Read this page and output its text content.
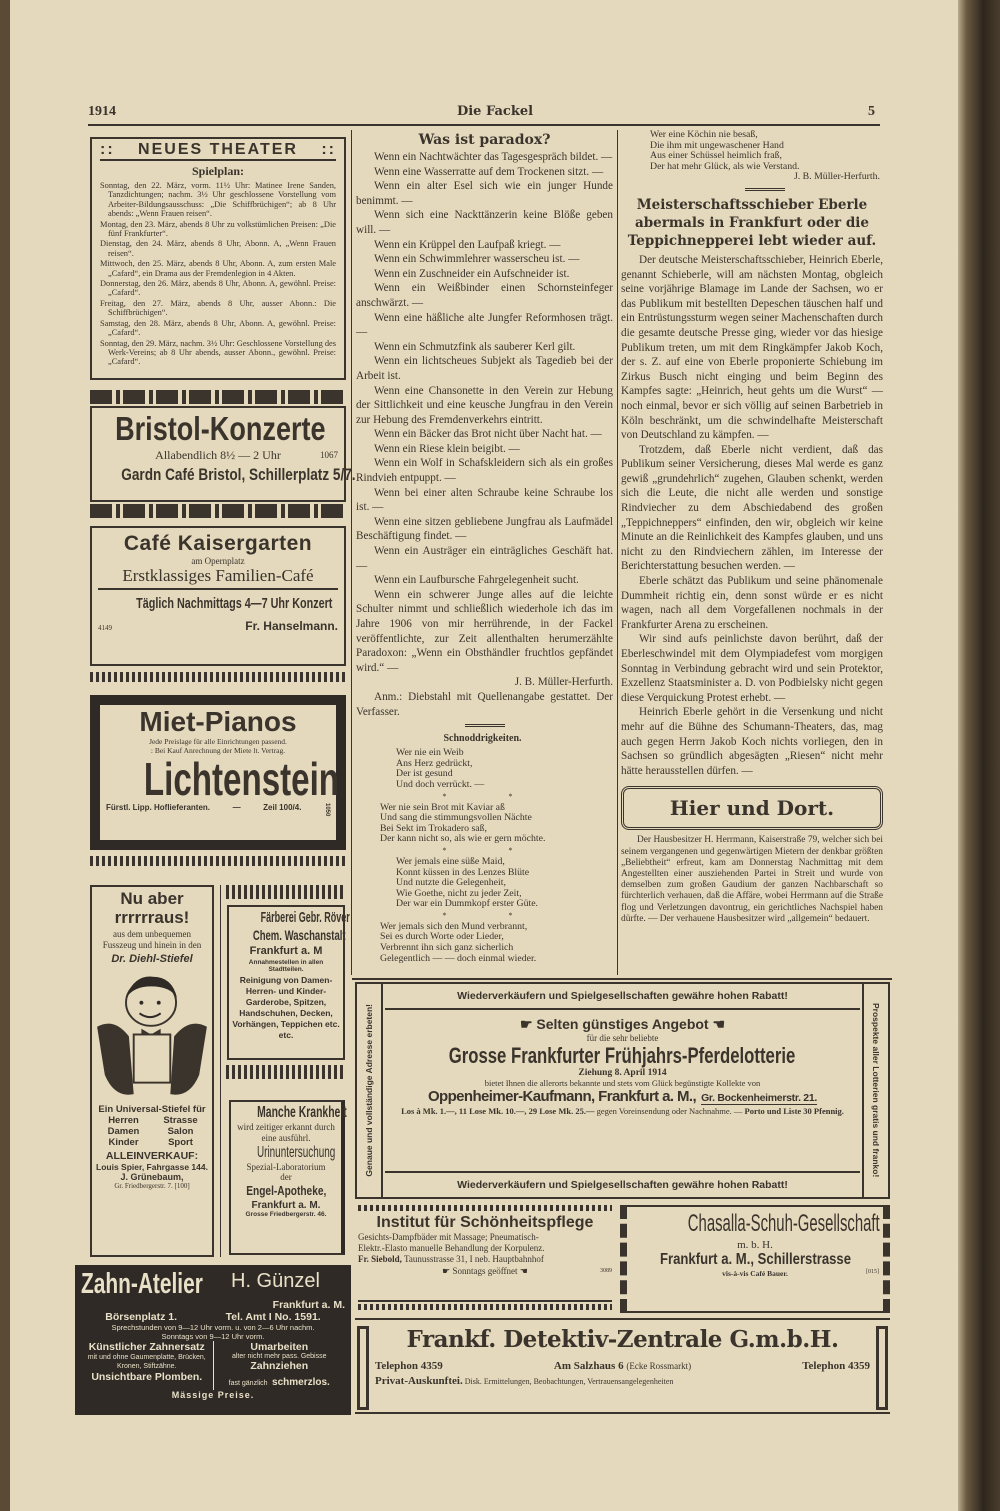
1914	Die Fackel	5
:: NEUES THEATER ::
Spielplan:
Sonntag, den 22. März, vorm. 11½ Uhr: Matinee Irene Sanden, Tanzdichtungen; nachm. 3½ Uhr geschlossene Vorstellung vom Arbeiter-Bildungsausschuss: „Die Schiffbrüchigen“; ab 8 Uhr abends: „Wenn Frauen reisen“.
Montag, den 23. März, abends 8 Uhr zu volkstümlichen Preisen: „Die fünf Frankfurter“.
Dienstag, den 24. März, abends 8 Uhr, Abonn. A, „Wenn Frauen reisen“.
Mittwoch, den 25. März, abends 8 Uhr, Abonn. A, zum ersten Male „Cafard“, ein Drama aus der Fremdenlegion in 4 Akten.
Donnerstag, den 26. März, abends 8 Uhr, Abonn. A, gewöhnl. Preise: „Cafard“.
Freitag, den 27. März, abends 8 Uhr, ausser Abonn.: Die Schiffbrüchigen“.
Samstag, den 28. März, abends 8 Uhr, Abonn. A, gewöhnl. Preise: „Cafard“.
Sonntag, den 29. März, nachm. 3½ Uhr: Geschlossene Vorstellung des Werk-Vereins; ab 8 Uhr abends, ausser Abonn., gewöhnl. Preise: „Cafard“.
Bristol-Konzerte
Allabendlich 8½ — 2 Uhr	1067
Gardn Café Bristol, Schillerplatz 5/7.
Café Kaisergarten
am Opernplatz
Erstklassiges Familien-Café
Täglich Nachmittags 4—7 Uhr Konzert
4149	Fr. Hanselmann.
Miet-Pianos
Jede Preislage für alle Einrichtungen passend.
: Bei Kauf Anrechnung der Miete lt. Vertrag.
Lichtenstein
Fürstl. Lipp. Hoflieferanten.	—	Zeil 100/4.	1050
Nu aber
rrrrrraus!
aus dem unbequemen Fusszeug und hinein in den
Dr. Diehl-Stiefel
Ein Universal-Stiefel für
Herren	Strasse
Damen	Salon
Kinder	Sport
ALLEINVERKAUF:
Louis Spier, Fahrgasse 144.
J. Grünebaum,
Gr. Friedbergerstr. 7. [100]
Färberei Gebr. Röver Chem. Waschanstalt
Frankfurt a. M
Annahmestellen in allen Stadtteilen.
Reinigung von Damen-Herren- und Kinder-Garderobe, Spitzen, Handschuhen, Decken, Vorhängen, Teppichen etc. etc.
Manche Krankheit
wird zeitiger erkannt durch eine ausführl.
Urinuntersuchung
Spezial-Laboratorium
der
Engel-Apotheke,
Frankfurt a. M.
Grosse Friedbergerstr. 46.
Zahn-Atelier H. Günzel
Frankfurt a. M.
Börsenplatz 1.	Tel. Amt I No. 1591.
Sprechstunden von 9—12 Uhr vorm. u. von 2—6 Uhr nachm.
Sonntags von 9—12 Uhr vorm.
Künstlicher Zahnersatz
mit und ohne Gaumenplatte, Brücken, Kronen, Stiftzähne.
Unsichtbare Plomben.
Umarbeiten
alter nicht mehr pass. Gebisse
Zahnziehen
fast gänzlich schmerzlos.
Mässige Preise.
Was ist paradox?

Wenn ein Nachtwächter das Tagesgespräch bildet. —

Wenn eine Wasserratte auf dem Trockenen sitzt. —

Wenn ein alter Esel sich wie ein junger Hunde benimmt. —

Wenn sich eine Nackttänzerin keine Blöße geben will. —

Wenn ein Krüppel den Laufpaß kriegt. —

Wenn ein Schwimmlehrer wasserscheu ist. —

Wenn ein Zuschneider ein Aufschneider ist.

Wenn ein Weißbinder einen Schornsteinfeger anschwärzt. —

Wenn eine häßliche alte Jungfer Reformhosen trägt. —

Wenn ein Schmutzfink als sauberer Kerl gilt.

Wenn ein lichtscheues Subjekt als Tagedieb bei der Arbeit ist.

Wenn eine Chansonette in den Verein zur Hebung der Sittlichkeit und eine keusche Jungfrau in den Verein zur Hebung des Fremdenverkehrs eintritt.

Wenn ein Bäcker das Brot nicht über Nacht hat. —

Wenn ein Riese klein beigibt. —

Wenn ein Wolf in Schafskleidern sich als ein großes Rindvieh entpuppt. —

Wenn bei einer alten Schraube keine Schraube los ist. —

Wenn eine sitzen gebliebene Jungfrau als Laufmädel Beschäftigung findet. —

Wenn ein Austräger ein einträgliches Geschäft hat. —

Wenn ein Laufbursche Fahrgelegenheit sucht.

Wenn ein schwerer Junge alles auf die leichte Schulter nimmt und schließlich wiederhole ich das im Jahre 1906 von mir herrührende, in der Fackel veröffentlichte, zur Zeit allenthalten herumerzählte Paradoxon: „Wenn ein Obsthändler fruchtlos gepfändet wird.“ —

J. B. Müller-Herfurth.

Anm.: Diebstahl mit Quellenangabe gestattet. Der Verfasser.

Schnoddrigkeiten.
Wer nie ein Weib
Ans Herz gedrückt,
Der ist gesund
Und doch verrückt. —
* *
Wer nie sein Brot mit Kaviar aß
Und sang die stimmungsvollen Nächte
Bei Sekt im Trokadero saß,
Der kann nicht so, als wie er gern möchte.
* *
Wer jemals eine süße Maid,
Konnt küssen in des Lenzes Blüte
Und nutzte die Gelegenheit,
Wie Goethe, nicht zu jeder Zeit,
Der war ein Dummkopf erster Güte.
* *
Wer jemals sich den Mund verbrannt,
Sei es durch Worte oder Lieder,
Verbrennt ihn sich ganz sicherlich
Gelegentlich — — doch einmal wieder.
Wer eine Köchin nie besaß,
Die ihm mit ungewaschener Hand
Aus einer Schüssel heimlich fraß,
Der hat mehr Glück, als wie Verstand.
J. B. Müller-Herfurth.
Meisterschaftsschieber Eberle abermals in Frankfurt oder die Teppichnepperei lebt wieder auf.

Der deutsche Meisterschaftsschieber, Heinrich Eberle, genannt Schieberle, will am nächsten Montag, obgleich seine vorjährige Blamage im Lande der Sachsen, wo er das Publikum mit bestellten Depeschen täuschen half und ein Entrüstungssturm wegen seiner Machenschaften durch die gesamte deutsche Presse ging, wieder vor das hiesige Publikum treten, um mit dem Ringkämpfer Jakob Koch, der s. Z. auf eine von Eberle proponierte Schiebung im Zirkus Busch nicht einging und beim Beginn des Kampfes sagte: „Heinrich, heut gehts um die Wurst“ — noch einmal, bevor er sich völlig auf seinen Barbetrieb in Köln beschränkt, um die schwindelhafte Meisterschaft von Deutschland zu kämpfen. —

Trotzdem, daß Eberle nicht verdient, daß das Publikum seiner Versicherung, dieses Mal werde es ganz gewiß „grundehrlich“ zugehen, Glauben schenkt, werden sich die Leute, die nicht alle werden und sonstige Rindviecher zu dem Abschiedabend des großen „Teppichneppers“ einfinden, den wir, obgleich wir keine Minute an die Reinlichkeit des Kampfes glauben, und uns nicht zu den Rindviechern zählen, im Interesse der Berichterstattung besuchen werden. —

Eberle schätzt das Publikum und seine phänomenale Dummheit richtig ein, denn sonst würde er es nicht wagen, nach all dem Vorgefallenen nochmals in der Frankfurter Arena zu erscheinen.

Wir sind aufs peinlichste davon berührt, daß der Eberleschwindel mit dem Olympiadefest vom morgigen Sonntag in Verbindung gebracht wird und sein Protektor, Exzellenz Staatsminister a. D. von Podbielsky nicht gegen diese Verquickung Protest erhebt. —

Heinrich Eberle gehört in die Versenkung und nicht mehr auf die Bühne des Schumann-Theaters, das, mag auch gegen Herrn Jakob Koch nichts vorliegen, den in Sachsen so gründlich abgesägten „Riesen“ nicht mehr hätte herausstellen dürfen. —

Hier und Dort.
Der Hausbesitzer H. Herrmann, Kaiserstraße 79, welcher sich bei seinem vergangenen und gegenwärtigen Mietern der denkbar größten „Beliebtheit“ erfreut, kam am Donnerstag Nachmittag mit dem Angestellten einer ausziehenden Partei in Streit und wurde von demselben zum großen Gaudium der ganzen Nachbarschaft so fürchterlich verhauen, daß die Affäre, wobei Herrmann auf die Straße flog und Verletzungen davontrug, ein gerichtliches Nachspiel haben dürfte. — Der verhauene Hausbesitzer wird „allgemein“ bedauert.
Genaue und vollständige Adresse erbeten!	Prospekte aller Lotterien gratis und franko!
Wiederverkäufern und Spielgesellschaften gewähre hohen Rabatt!
☛ Selten günstiges Angebot ☚
für die sehr beliebte
Grosse Frankfurter Frühjahrs-Pferdelotterie
Ziehung 8. April 1914
bietet Ihnen die allerorts bekannte und stets vom Glück begünstigte Kollekte von
Oppenheimer-Kaufmann, Frankfurt a. M., Gr. Bockenheimerstr. 21.
Los à Mk. 1.—, 11 Lose Mk. 10.—, 29 Lose Mk. 25.— gegen Voreinsendung oder Nachnahme. — Porto und Liste 30 Pfennig.
Wiederverkäufern und Spielgesellschaften gewähre hohen Rabatt!
Institut für Schönheitspflege
Gesichts-Dampfbäder mit Massage; Pneumatisch-
Elektr.-Elasto manuelle Behandlung der Korpulenz.
Fr. Siebold, Taunusstrasse 31, I neb. Hauptbahnhof
☛ Sonntags geöffnet ☚	3089
Chasalla-Schuh-Gesellschaft
m. b. H.
Frankfurt a. M., Schillerstrasse
vis-à-vis Café Bauer.	[015]
Frankf. Detektiv-Zentrale G.m.b.H.
Telephon 4359	Am Salzhaus 6 (Ecke Rossmarkt)	Telephon 4359
Privat-Auskunftei. Disk. Ermittelungen, Beobachtungen, Vertrauensangelegenheiten
